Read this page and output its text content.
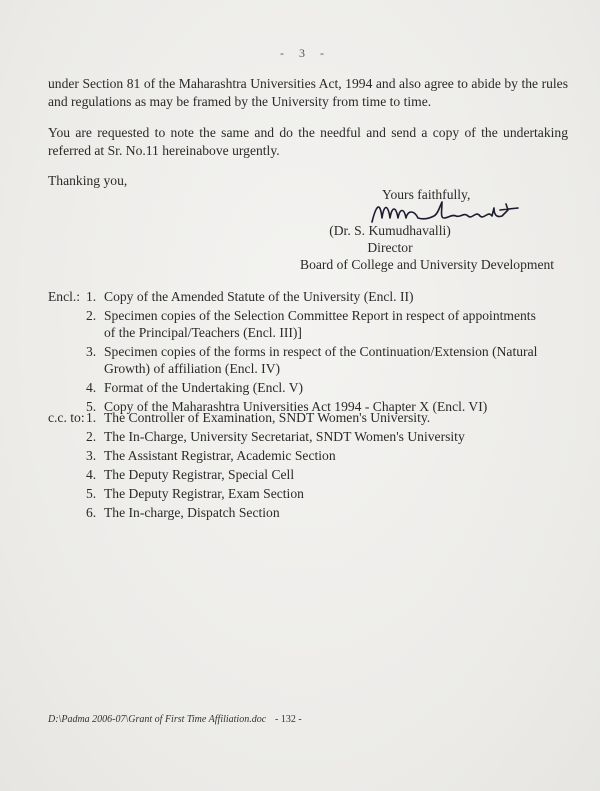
- 3 -
under Section 81 of the Maharashtra Universities Act, 1994 and also agree to abide by the rules and regulations as may be framed by the University from time to time.
You are requested to note the same and do the needful and send a copy of the undertaking referred at Sr. No.11 hereinabove urgently.
Thanking you,
Yours faithfully,
(Dr. S. Kumudhavalli)
Director
Board of College and University Development
Encl.: 1. Copy of the Amended Statute of the University (Encl. II)
2. Specimen copies of the Selection Committee Report in respect of appointments of the Principal/Teachers (Encl. III)]
3. Specimen copies of the forms in respect of the Continuation/Extension (Natural Growth) of affiliation (Encl. IV)
4. Format of the Undertaking (Encl. V)
5. Copy of the Maharashtra Universities Act 1994 - Chapter X (Encl. VI)
c.c. to: 1. The Controller of Examination, SNDT Women's University.
2. The In-Charge, University Secretariat, SNDT Women's University
3. The Assistant Registrar, Academic Section
4. The Deputy Registrar, Special Cell
5. The Deputy Registrar, Exam Section
6. The In-charge, Dispatch Section
D:\Padma 2006-07\Grant of First Time Affiliation.doc - 132 -
